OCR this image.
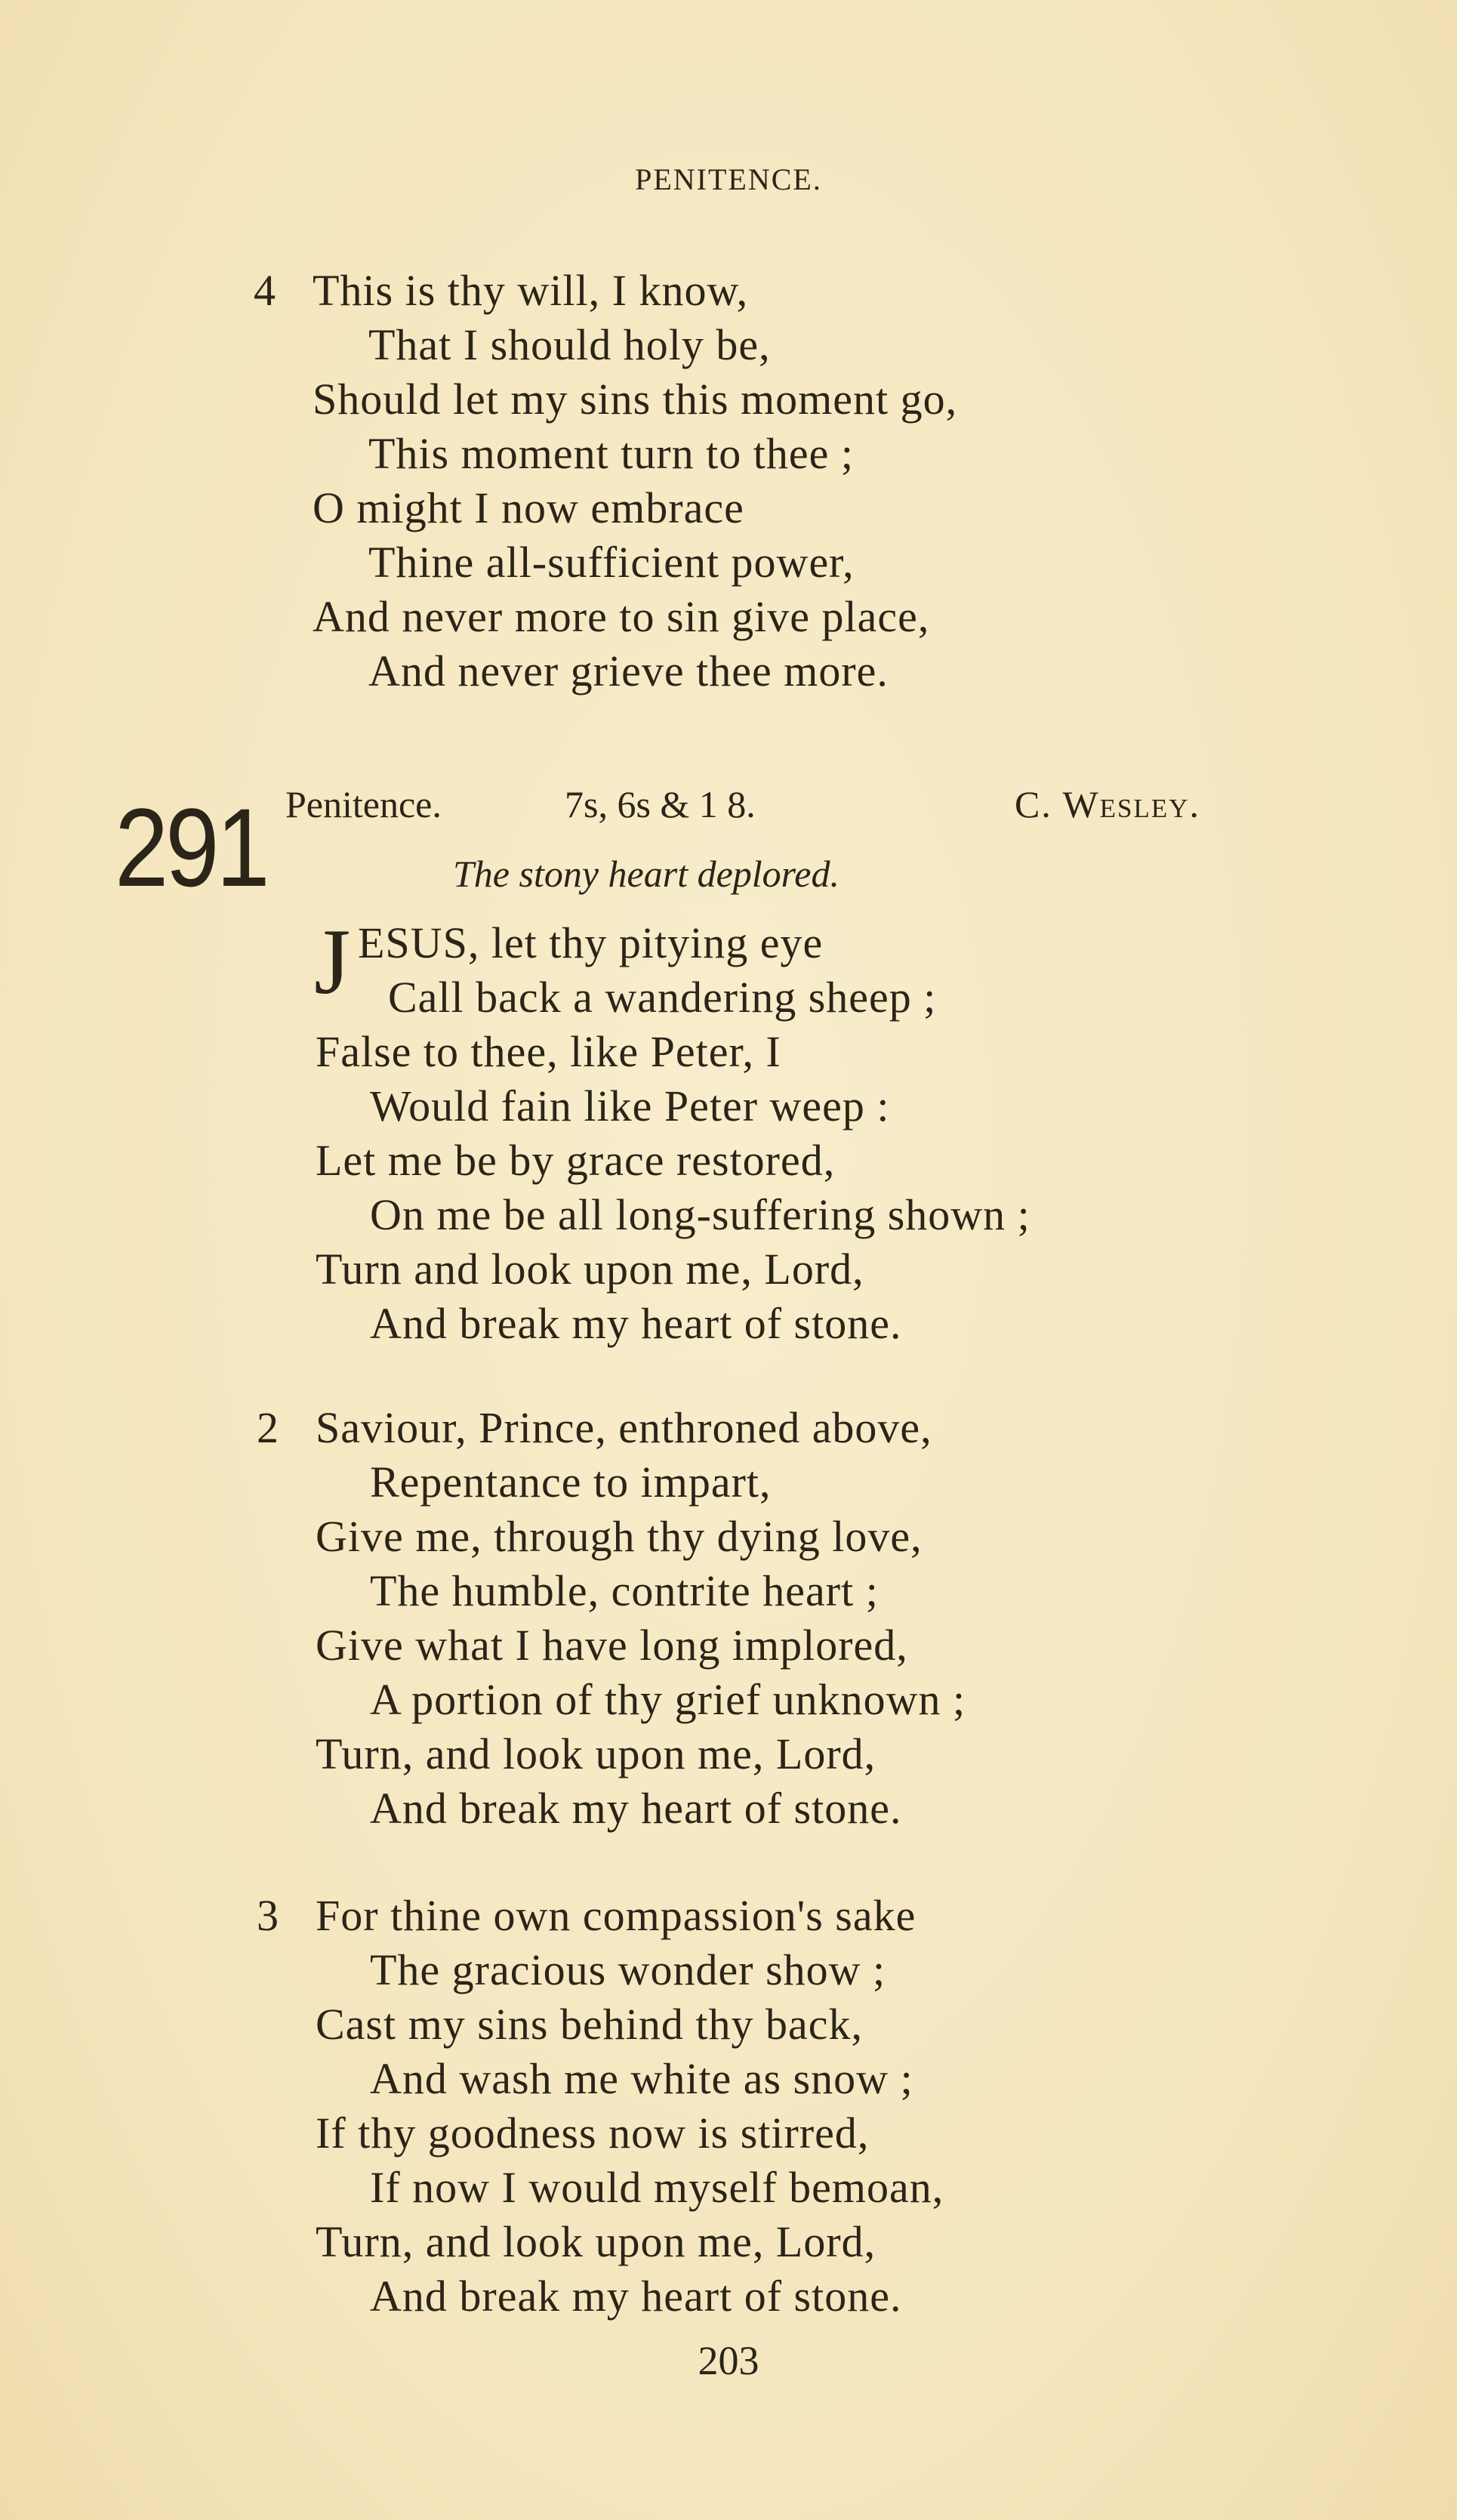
PENITENCE.
4 This is thy will, I know,
That I should holy be,
Should let my sins this moment go,
This moment turn to thee ;
O might I now embrace
Thine all-sufficient power,
And never more to sin give place,
And never grieve thee more.
291 Penitence.	7s, 6s & 1 8.	C. Wesley.
The stony heart deplored.
J ESUS, let thy pitying eye
Call back a wandering sheep ;
False to thee, like Peter, I
Would fain like Peter weep :
Let me be by grace restored,
On me be all long-suffering shown ;
Turn and look upon me, Lord,
And break my heart of stone.
2 Saviour, Prince, enthroned above,
Repentance to impart,
Give me, through thy dying love,
The humble, contrite heart ;
Give what I have long implored,
A portion of thy grief unknown ;
Turn, and look upon me, Lord,
And break my heart of stone.
3 For thine own compassion's sake
The gracious wonder show ;
Cast my sins behind thy back,
And wash me white as snow ;
If thy goodness now is stirred,
If now I would myself bemoan,
Turn, and look upon me, Lord,
And break my heart of stone.
203
